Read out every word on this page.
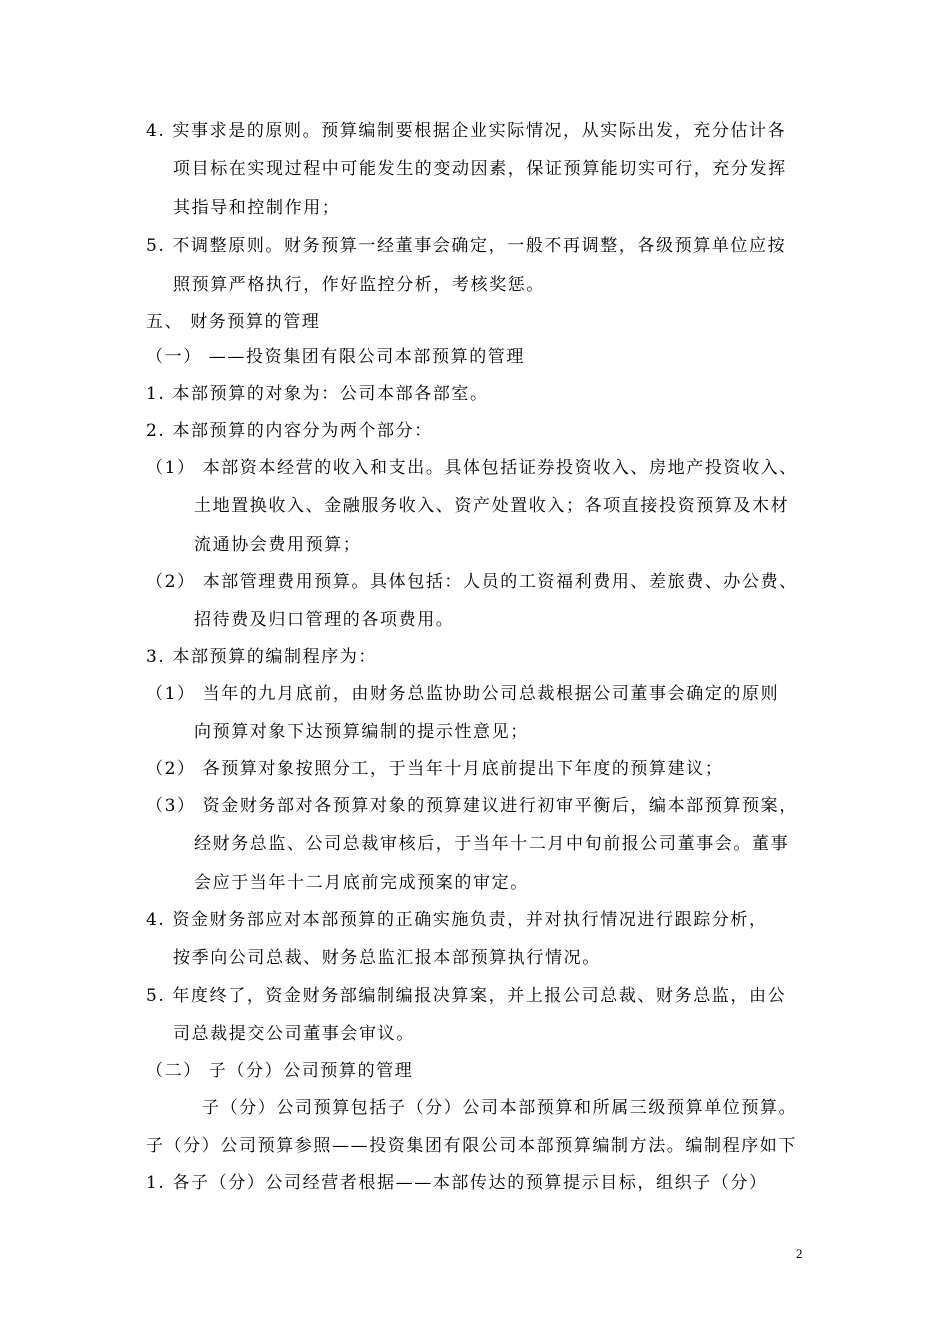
4. 实事求是的原则。预算编制要根据企业实际情况，从实际出发，充分估计各
项目标在实现过程中可能发生的变动因素，保证预算能切实可行，充分发挥
其指导和控制作用；
5. 不调整原则。财务预算一经董事会确定，一般不再调整，各级预算单位应按
照预算严格执行，作好监控分析，考核奖惩。
五、 财务预算的管理
（一） ——投资集团有限公司本部预算的管理
1. 本部预算的对象为：公司本部各部室。
2. 本部预算的内容分为两个部分：
（1） 本部资本经营的收入和支出。具体包括证券投资收入、房地产投资收入、
土地置换收入、金融服务收入、资产处置收入；各项直接投资预算及木材
流通协会费用预算；
（2） 本部管理费用预算。具体包括：人员的工资福利费用、差旅费、办公费、
招待费及归口管理的各项费用。
3. 本部预算的编制程序为：
（1） 当年的九月底前，由财务总监协助公司总裁根据公司董事会确定的原则
向预算对象下达预算编制的提示性意见；
（2） 各预算对象按照分工，于当年十月底前提出下年度的预算建议；
（3） 资金财务部对各预算对象的预算建议进行初审平衡后，编本部预算预案，
经财务总监、公司总裁审核后，于当年十二月中旬前报公司董事会。董事
会应于当年十二月底前完成预案的审定。
4. 资金财务部应对本部预算的正确实施负责，并对执行情况进行跟踪分析，
按季向公司总裁、财务总监汇报本部预算执行情况。
5. 年度终了，资金财务部编制编报决算案，并上报公司总裁、财务总监，由公
司总裁提交公司董事会审议。
（二） 子（分）公司预算的管理
子（分）公司预算包括子（分）公司本部预算和所属三级预算单位预算。
子（分）公司预算参照——投资集团有限公司本部预算编制方法。编制程序如下
1. 各子（分）公司经营者根据——本部传达的预算提示目标，组织子（分）
2
